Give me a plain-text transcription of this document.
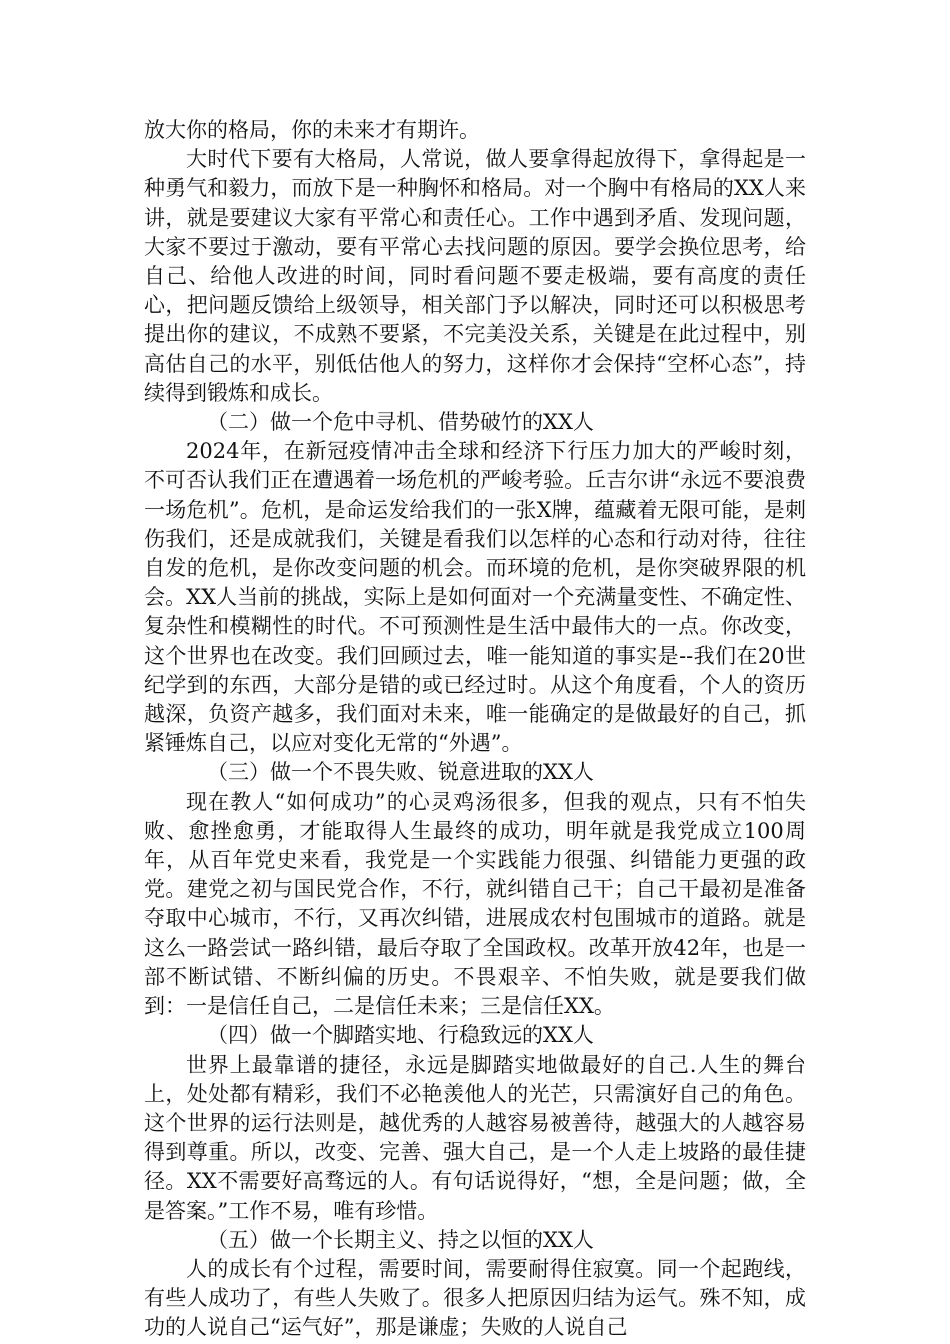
放大你的格局，你的未来才有期许。

大时代下要有大格局，人常说，做人要拿得起放得下，拿得起是一种勇气和毅力，而放下是一种胸怀和格局。对一个胸中有格局的XX人来讲，就是要建议大家有平常心和责任心。工作中遇到矛盾、发现问题，大家不要过于激动，要有平常心去找问题的原因。要学会换位思考，给自己、给他人改进的时间，同时看问题不要走极端，要有高度的责任心，把问题反馈给上级领导，相关部门予以解决，同时还可以积极思考提出你的建议，不成熟不要紧，不完美没关系，关键是在此过程中，别高估自己的水平，别低估他人的努力，这样你才会保持“空杯心态”，持续得到锻炼和成长。

（二）做一个危中寻机、借势破竹的XX人

2024年，在新冠疫情冲击全球和经济下行压力加大的严峻时刻，不可否认我们正在遭遇着一场危机的严峻考验。丘吉尔讲“永远不要浪费一场危机”。危机，是命运发给我们的一张X牌，蕴藏着无限可能，是刺伤我们，还是成就我们，关键是看我们以怎样的心态和行动对待，往往自发的危机，是你改变问题的机会。而环境的危机，是你突破界限的机会。XX人当前的挑战，实际上是如何面对一个充满量变性、不确定性、复杂性和模糊性的时代。不可预测性是生活中最伟大的一点。你改变，这个世界也在改变。我们回顾过去，唯一能知道的事实是--我们在20世纪学到的东西，大部分是错的或已经过时。从这个角度看，个人的资历越深，负资产越多，我们面对未来，唯一能确定的是做最好的自己，抓紧锤炼自己，以应对变化无常的“外遇”。

（三）做一个不畏失败、锐意进取的XX人

现在教人“如何成功”的心灵鸡汤很多，但我的观点，只有不怕失败、愈挫愈勇，才能取得人生最终的成功，明年就是我党成立100周年，从百年党史来看，我党是一个实践能力很强、纠错能力更强的政党。建党之初与国民党合作，不行，就纠错自己干；自己干最初是准备夺取中心城市，不行，又再次纠错，进展成农村包围城市的道路。就是这么一路尝试一路纠错，最后夺取了全国政权。改革开放42年，也是一部不断试错、不断纠偏的历史。不畏艰辛、不怕失败，就是要我们做到：一是信任自己，二是信任未来；三是信任XX。

（四）做一个脚踏实地、行稳致远的XX人

世界上最靠谱的捷径，永远是脚踏实地做最好的自己.人生的舞台上，处处都有精彩，我们不必艳羡他人的光芒，只需演好自己的角色。这个世界的运行法则是，越优秀的人越容易被善待，越强大的人越容易得到尊重。所以，改变、完善、强大自己，是一个人走上坡路的最佳捷径。XX不需要好高骛远的人。有句话说得好，“想，全是问题；做，全是答案。”工作不易，唯有珍惜。

（五）做一个长期主义、持之以恒的XX人

人的成长有个过程，需要时间，需要耐得住寂寞。同一个起跑线，有些人成功了，有些人失败了。很多人把原因归结为运气。殊不知，成功的人说自己“运气好”，那是谦虚；失败的人说自己
